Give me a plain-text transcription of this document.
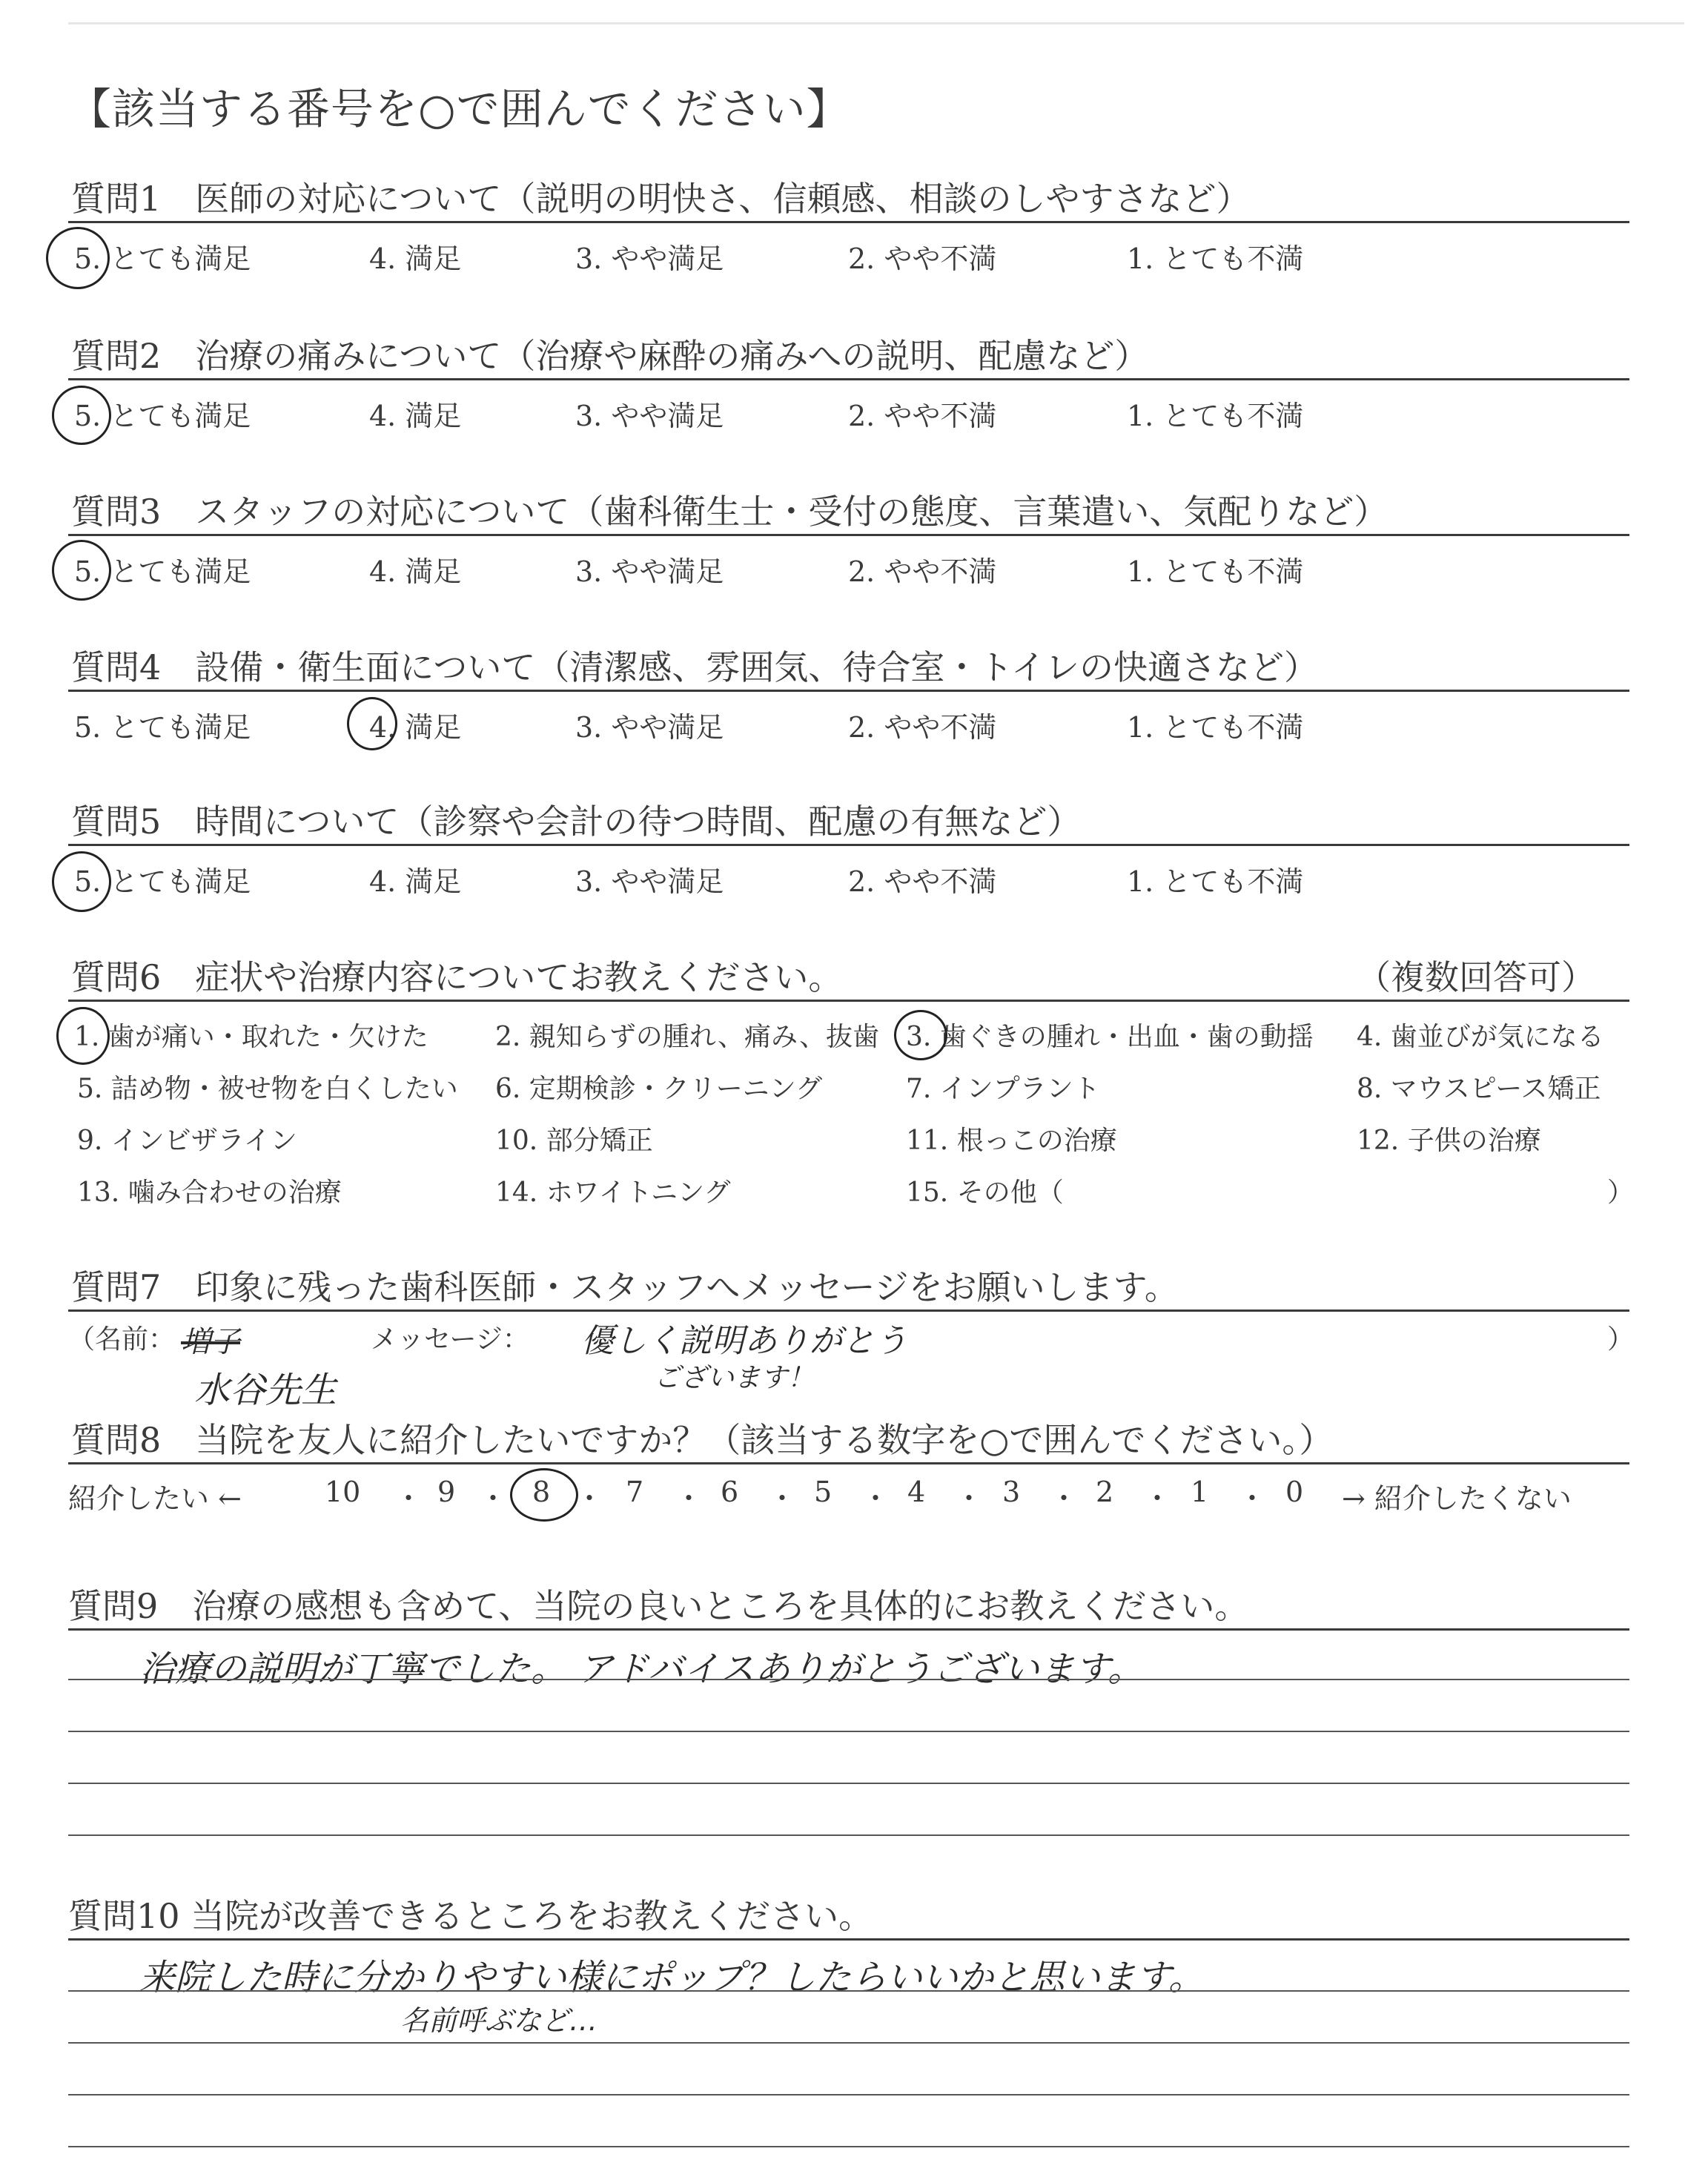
【該当する番号を○で囲んでください】
質問1　医師の対応について（説明の明快さ、信頼感、相談のしやすさなど）
5. とても満足	4. 満足	3. やや満足	2. やや不満	1. とても不満
質問2　治療の痛みについて（治療や麻酔の痛みへの説明、配慮など）
5. とても満足	4. 満足	3. やや満足	2. やや不満	1. とても不満
質問3　スタッフの対応について（歯科衛生士・受付の態度、言葉遣い、気配りなど）
5. とても満足	4. 満足	3. やや満足	2. やや不満	1. とても不満
質問4　設備・衛生面について（清潔感、雰囲気、待合室・トイレの快適さなど）
5. とても満足	4. 満足	3. やや満足	2. やや不満	1. とても不満
質問5　時間について（診察や会計の待つ時間、配慮の有無など）
5. とても満足	4. 満足	3. やや満足	2. やや不満	1. とても不満
質問6　症状や治療内容についてお教えください。	（複数回答可）
1. 歯が痛い・取れた・欠けた	2. 親知らずの腫れ、痛み、抜歯 3. 歯ぐきの腫れ・出血・歯の動揺 4. 歯並びが気になる
5. 詰め物・被せ物を白くしたい 6. 定期検診・クリーニング	7. インプラント	8. マウスピース矯正
9. インビザライン	10. 部分矯正	11. 根っこの治療	12. 子供の治療
13. 噛み合わせの治療	14. ホワイトニング	15. その他（	）
質問7　印象に残った歯科医師・スタッフへメッセージをお願いします。
（名前： 増子
水谷先生
メッセージ： 優しく説明ありがとう
ございます！
）
質問8　当院を友人に紹介したいですか？（該当する数字を○で囲んでください。）
紹介したい ←	10 ・ 9 ・ 8 ・ 7 ・ 6 ・ 5 ・ 4 ・ 3 ・ 2 ・ 1 ・ 0 → 紹介したくない
質問9　治療の感想も含めて、当院の良いところを具体的にお教えください。
治療の説明が丁寧でした。 アドバイスありがとうございます。
質問10 当院が改善できるところをお教えください。
来院した時に分かりやすい様にポップ？したらいいかと思います。
名前呼ぶなど…
